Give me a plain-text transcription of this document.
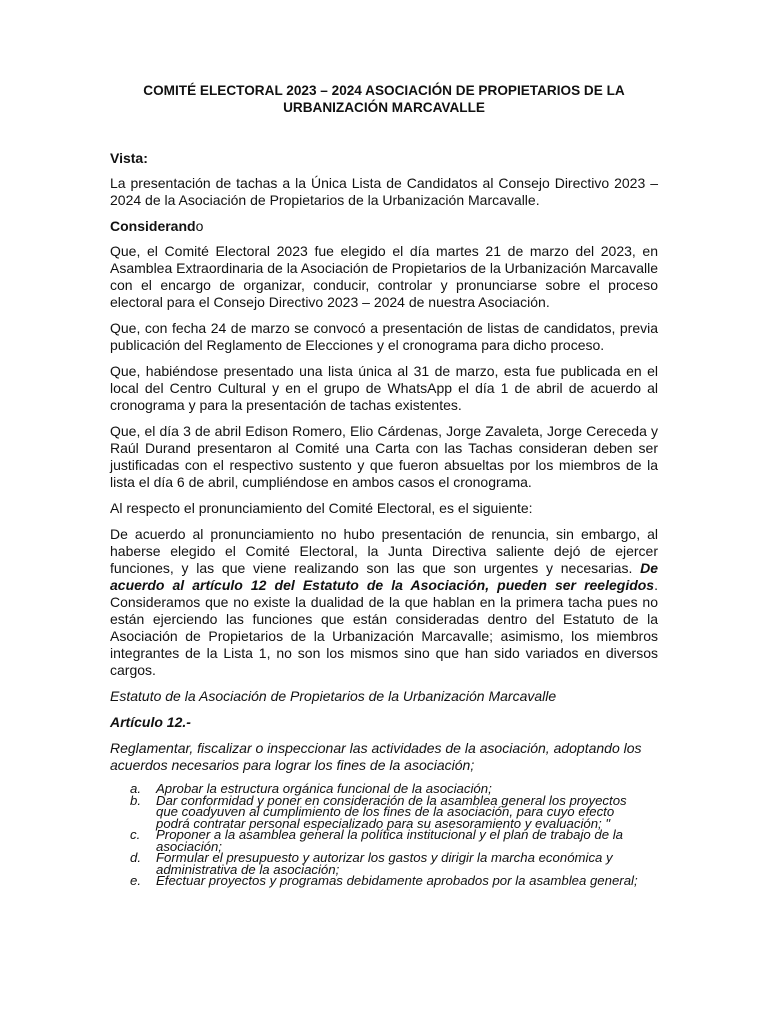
COMITÉ ELECTORAL 2023 – 2024 ASOCIACIÓN DE PROPIETARIOS DE LA
URBANIZACIÓN MARCAVALLE
Vista:

La presentación de tachas a la Única Lista de Candidatos al Consejo Directivo 2023 – 2024 de la Asociación de Propietarios de la Urbanización Marcavalle.

Considerando

Que, el Comité Electoral 2023 fue elegido el día martes 21 de marzo del 2023, en Asamblea Extraordinaria de la Asociación de Propietarios de la Urbanización Marcavalle con el encargo de organizar, conducir, controlar y pronunciarse sobre el proceso electoral para el Consejo Directivo 2023 – 2024 de nuestra Asociación.

Que, con fecha 24 de marzo se convocó a presentación de listas de candidatos, previa publicación del Reglamento de Elecciones y el cronograma para dicho proceso.

Que, habiéndose presentado una lista única al 31 de marzo, esta fue publicada en el local del Centro Cultural y en el grupo de WhatsApp el día 1 de abril de acuerdo al cronograma y para la presentación de tachas existentes.

Que, el día 3 de abril Edison Romero, Elio Cárdenas, Jorge Zavaleta, Jorge Cereceda y Raúl Durand presentaron al Comité una Carta con las Tachas consideran deben ser justificadas con el respectivo sustento y que fueron absueltas por los miembros de la lista el día 6 de abril, cumpliéndose en ambos casos el cronograma.

Al respecto el pronunciamiento del Comité Electoral, es el siguiente:

De acuerdo al pronunciamiento no hubo presentación de renuncia, sin embargo, al haberse elegido el Comité Electoral, la Junta Directiva saliente dejó de ejercer funciones, y las que viene realizando son las que son urgentes y necesarias. De acuerdo al artículo 12 del Estatuto de la Asociación, pueden ser reelegidos. Consideramos que no existe la dualidad de la que hablan en la primera tacha pues no están ejerciendo las funciones que están consideradas dentro del Estatuto de la Asociación de Propietarios de la Urbanización Marcavalle; asimismo, los miembros integrantes de la Lista 1, no son los mismos sino que han sido variados en diversos cargos.

Estatuto de la Asociación de Propietarios de la Urbanización Marcavalle

Artículo 12.-

Reglamentar, fiscalizar o inspeccionar las actividades de la asociación, adoptando los acuerdos necesarios para lograr los fines de la asociación;

a.	Aprobar la estructura orgánica funcional de la asociación;
b.	Dar conformidad y poner en consideración de la asamblea general los proyectos que coadyuven al cumplimiento de los fines de la asociación, para cuyo efecto podrá contratar personal especializado para su asesoramiento y evaluación; "
c.	Proponer a la asamblea general la política institucional y el plan de trabajo de la asociación;
d.	Formular el presupuesto y autorizar los gastos y dirigir la marcha económica y administrativa de la asociación;
e.	Efectuar proyectos y programas debidamente aprobados por la asamblea general;
